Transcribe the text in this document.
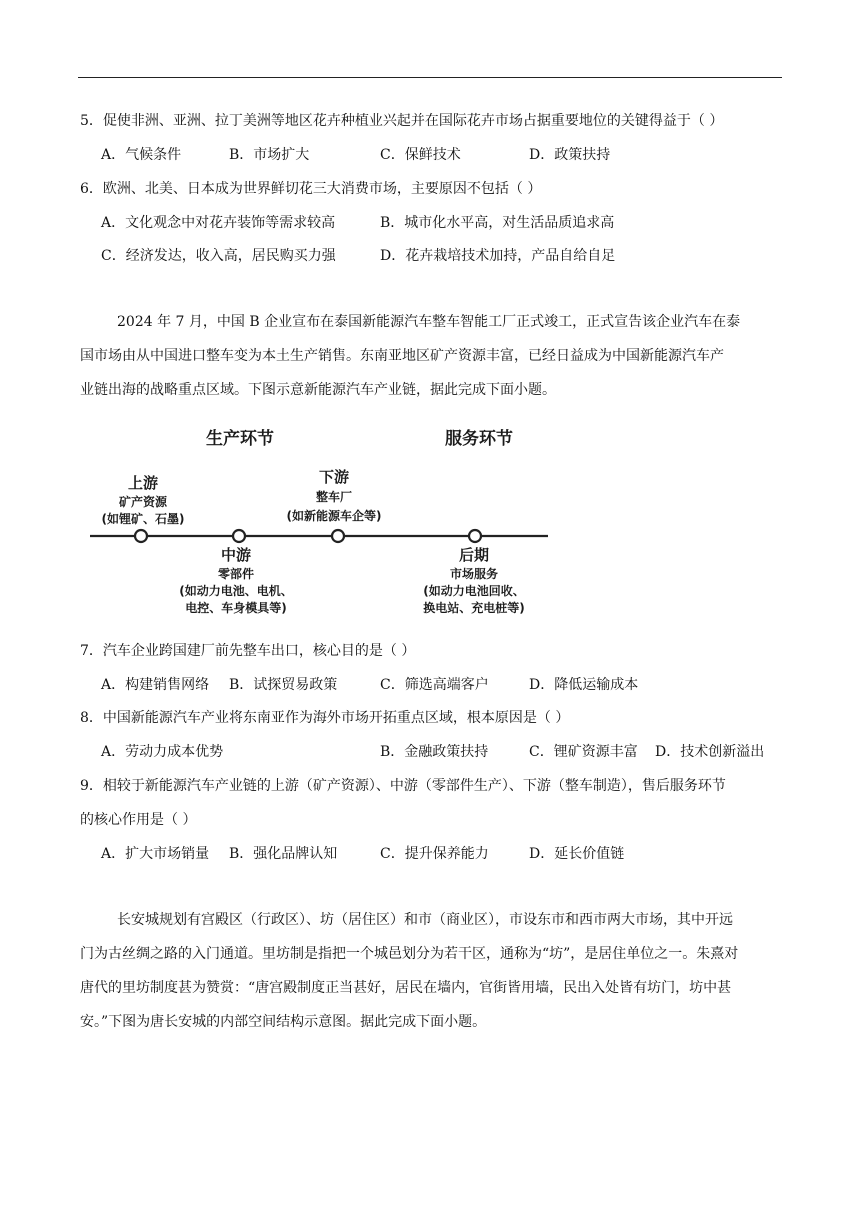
5．促使非洲、亚洲、拉丁美洲等地区花卉种植业兴起并在国际花卉市场占据重要地位的关键得益于（ ）
A．气候条件	B．市场扩大	C．保鲜技术	D．政策扶持
6．欧洲、北美、日本成为世界鲜切花三大消费市场，主要原因不包括（ ）
A．文化观念中对花卉装饰等需求较高	B．城市化水平高，对生活品质追求高
C．经济发达，收入高，居民购买力强	D．花卉栽培技术加持，产品自给自足
2024 年 7 月，中国 B 企业宣布在泰国新能源汽车整车智能工厂正式竣工，正式宣告该企业汽车在泰
国市场由从中国进口整车变为本土生产销售。东南亚地区矿产资源丰富，已经日益成为中国新能源汽车产
业链出海的战略重点区域。下图示意新能源汽车产业链，据此完成下面小题。
生产环节	服务环节
上游
矿产资源
(如锂矿、石墨)
下游
整车厂
(如新能源车企等)
中游
零部件
(如动力电池、电机、
电控、车身模具等)
后期
市场服务
(如动力电池回收、
换电站、充电桩等)
7．汽车企业跨国建厂前先整车出口，核心目的是（ ）
A．构建销售网络 B．试探贸易政策	C．筛选高端客户	D．降低运输成本
8．中国新能源汽车产业将东南亚作为海外市场开拓重点区域，根本原因是（ ）
A．劳动力成本优势	B．金融政策扶持	C．锂矿资源丰富 D．技术创新溢出
9．相较于新能源汽车产业链的上游（矿产资源）、中游（零部件生产）、下游（整车制造），售后服务环节
的核心作用是（ ）
A．扩大市场销量 B．强化品牌认知	C．提升保养能力	D．延长价值链
长安城规划有宫殿区（行政区）、坊（居住区）和市（商业区），市设东市和西市两大市场，其中开远
门为古丝绸之路的入门通道。里坊制是指把一个城邑划分为若干区，通称为“坊”，是居住单位之一。朱熹对
唐代的里坊制度甚为赞赏：“唐宫殿制度正当甚好，居民在墙内，官街皆用墙，民出入处皆有坊门，坊中甚
安。”下图为唐长安城的内部空间结构示意图。据此完成下面小题。
